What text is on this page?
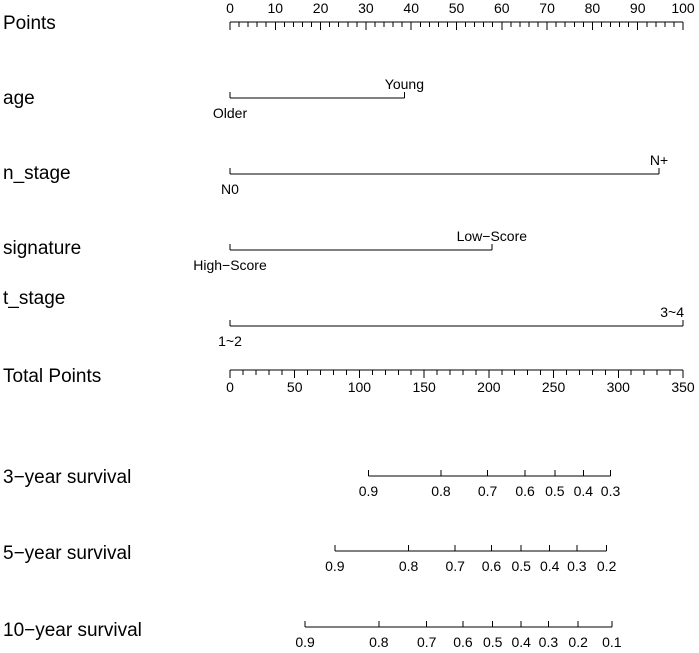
Points
0 10 20 30 40 50 60 70 80 90 100
age
Older
Young
n_stage
N0
N+
signature
High−Score
Low−Score
t_stage
1~2
3~4
Total Points	0	50	100	150	200	250	300	350
3−year survival
0.9	0.8 0.7 0.6 0.5 0.4 0.3
5−year survival
0.9	0.8 0.7 0.6 0.5 0.4 0.3 0.2
10−year survival
0.9	0.8 0.7 0.6 0.5 0.4 0.3 0.2 0.1
